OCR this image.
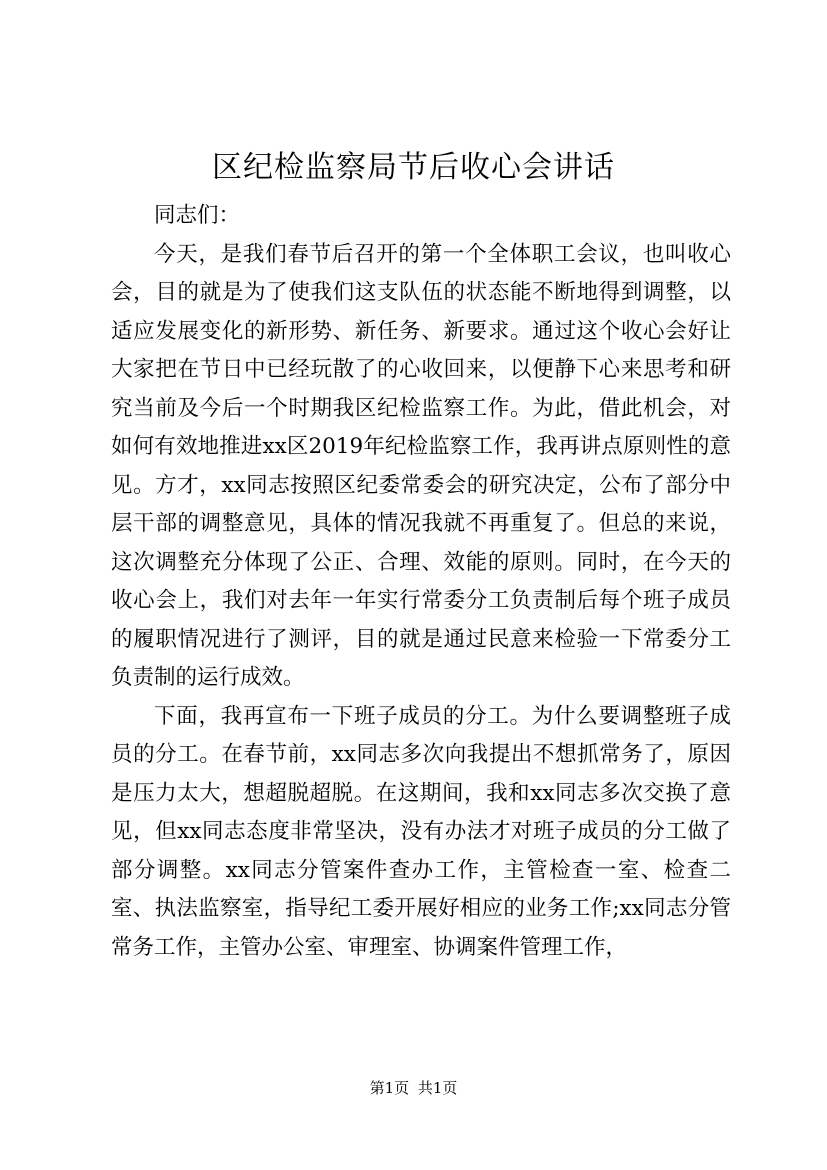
区纪检监察局节后收心会讲话

同志们：

今天，是我们春节后召开的第一个全体职工会议，也叫收心会，目的就是为了使我们这支队伍的状态能不断地得到调整，以适应发展变化的新形势、新任务、新要求。通过这个收心会好让大家把在节日中已经玩散了的心收回来，以便静下心来思考和研究当前及今后一个时期我区纪检监察工作。为此，借此机会，对如何有效地推进xx区2019年纪检监察工作，我再讲点原则性的意见。方才，xx同志按照区纪委常委会的研究决定，公布了部分中层干部的调整意见，具体的情况我就不再重复了。但总的来说，这次调整充分体现了公正、合理、效能的原则。同时，在今天的收心会上，我们对去年一年实行常委分工负责制后每个班子成员的履职情况进行了测评，目的就是通过民意来检验一下常委分工负责制的运行成效。

下面，我再宣布一下班子成员的分工。为什么要调整班子成员的分工。在春节前，xx同志多次向我提出不想抓常务了，原因是压力太大，想超脱超脱。在这期间，我和xx同志多次交换了意见，但xx同志态度非常坚决，没有办法才对班子成员的分工做了部分调整。xx同志分管案件查办工作，主管检查一室、检查二室、执法监察室，指导纪工委开展好相应的业务工作;xx同志分管常务工作，主管办公室、审理室、协调案件管理工作，

第1页 共1页
